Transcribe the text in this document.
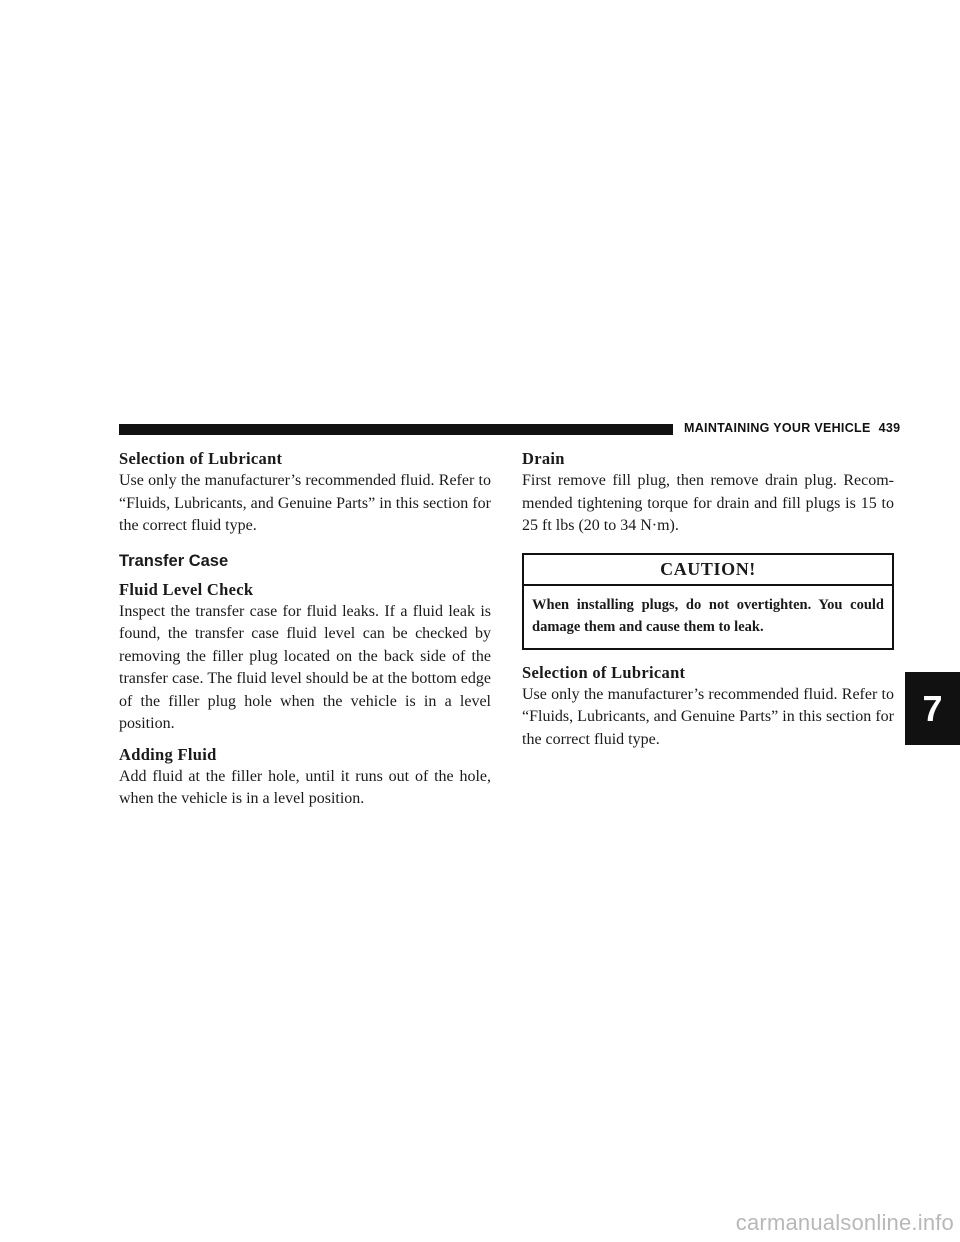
MAINTAINING YOUR VEHICLE 439

Selection of Lubricant

Use only the manufacturer’s recommended fluid. Refer to “Fluids, Lubricants, and Genuine Parts” in this section for the correct fluid type.

Transfer Case

Fluid Level Check

Inspect the transfer case for fluid leaks. If a fluid leak is found, the transfer case fluid level can be checked by removing the filler plug located on the back side of the transfer case. The fluid level should be at the bottom edge of the filler plug hole when the vehicle is in a level position.

Adding Fluid

Add fluid at the filler hole, until it runs out of the hole, when the vehicle is in a level position.

Drain

First remove fill plug, then remove drain plug. Recom-mended tightening torque for drain and fill plugs is 15 to 25 ft lbs (20 to 34 N·m).

CAUTION!
When installing plugs, do not overtighten. You could damage them and cause them to leak.

Selection of Lubricant

Use only the manufacturer’s recommended fluid. Refer to “Fluids, Lubricants, and Genuine Parts” in this section for the correct fluid type.

7
carmanualsonline.info
